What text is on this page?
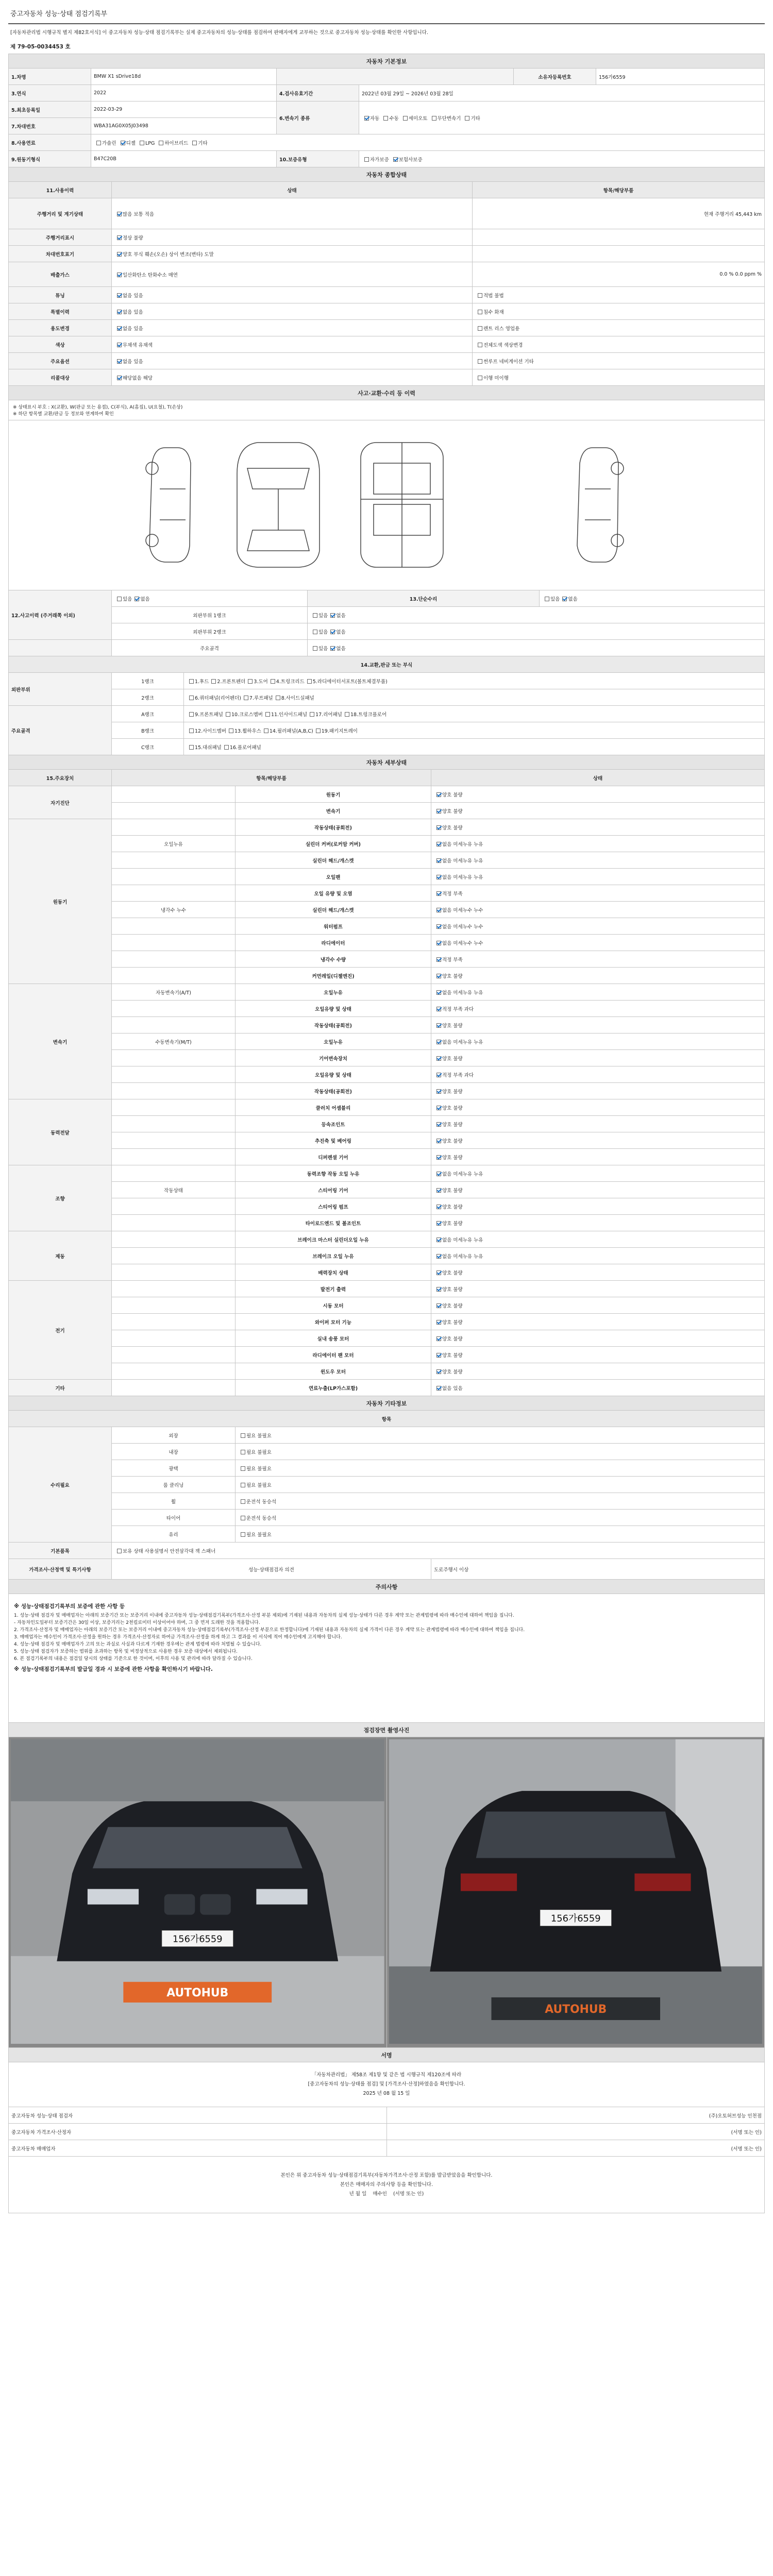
중고자동차 성능·상태 점검기록부
[자동차관리법 시행규칙 별지 제82호서식] 이 중고자동차 성능·상태 점검기록부는 실제 중고자동차의 성능·상태를 점검하여 판매자에게 교부하는 것으로 중고자동차 성능·상태를 확인한 사항입니다.
제 79-05-0034453 호
자동차 기본정보					
1.차명	BMW X1 sDrive18d			소유자등록번호	156가6559
3.연식	2022	4.검사유효기간	2022년 03월 29일 ~ 2026년 03월 28일		
5.최초등록일	2022-03-29	6.변속기 종류	자동 수동 세미오토 무단변속기 기타		
7.차대번호	WBA31AG0X05J03498				
8.사용연료	가솔린 디젤 LPG 하이브리드 기타				
9.원동기형식	B47C20B	10.보증유형	자가보증 보험사보증		
자동차 종합상태		
11.사용이력	상태	항목/해당부품
주행거리 및 계기상태	많음 보통 적음	현재 주행거리 45,443 km
주행거리표시	정상 불량	
차대번호표기	양호 부식 훼손(오손) 상이 변조(변타) 도말	
배출가스	일산화탄소 탄화수소 매연	0.0 % 0.0 ppm %
튜닝	없음 있음	적법 불법
특별이력	없음 있음	침수 화재
용도변경	없음 있음	렌트 리스 영업용
색상	무채색 유채색	전체도색 색상변경
주요옵션	없음 있음	썬루프 네비게이션 기타
리콜대상	해당없음 해당	이행 미이행
사고·교환·수리 등 이력				

※ 상태표시 부호 : X(교환), W(판금 또는 용접), C(부식), A(흠집), U(요철), T(손상)
※ 하단 항목별 교환/판금 등 정보와 연계하여 확인				

12.사고이력 (주거래쪽 이외)	있음 없음		13.단순수리	있음 없음
	외판부위 1랭크		있음 없음	
	외판부위 2랭크		있음 없음	
	주요골격		있음 없음	
14.교환,판금 또는 부식				
외판부위	1랭크	1.후드 2.프론트펜더 3.도어 4.트렁크리드 5.라디에이터서포트(볼트체결부품)		
	2랭크	6.쿼터패널(리어펜더) 7.루프패널 8.사이드실패널		
주요골격	A랭크	9.프론트패널 10.크로스멤버 11.인사이드패널 17.리어패널 18.트렁크플로어		
	B랭크	12.사이드멤버 13.휠하우스 14.필러패널(A,B,C) 19.패키지트레이		
	C랭크	15.대쉬패널 16.플로어패널		
자동차 세부상태			
15.주요장치	항목/해당부품		상태
자기진단		원동기	양호 불량
		변속기	양호 불량
원동기		작동상태(공회전)	양호 불량
	오일누유	실린더 커버(로커암 커버)	없음 미세누유 누유
		실린더 헤드/개스켓	없음 미세누유 누유
		오일팬	없음 미세누유 누유
		오일 유량 및 오염	적정 부족
	냉각수 누수	실린더 헤드/개스켓	없음 미세누수 누수
		워터펌프	없음 미세누수 누수
		라디에이터	없음 미세누수 누수
		냉각수 수량	적정 부족
		커먼레일(디젤엔진)	양호 불량
변속기	자동변속기(A/T)	오일누유	없음 미세누유 누유
		오일유량 및 상태	적정 부족 과다
		작동상태(공회전)	양호 불량
	수동변속기(M/T)	오일누유	없음 미세누유 누유
		기어변속장치	양호 불량
		오일유량 및 상태	적정 부족 과다
		작동상태(공회전)	양호 불량
동력전달		클러치 어셈블리	양호 불량
		등속조인트	양호 불량
		추진축 및 베어링	양호 불량
		디퍼렌셜 기어	양호 불량
조향		동력조향 작동 오일 누유	없음 미세누유 누유
	작동상태	스티어링 기어	양호 불량
		스티어링 펌프	양호 불량
		타이로드엔드 및 볼조인트	양호 불량
제동		브레이크 마스터 실린더오일 누유	없음 미세누유 누유
		브레이크 오일 누유	없음 미세누유 누유
		배력장치 상태	양호 불량
전기		발전기 출력	양호 불량
		시동 모터	양호 불량
		와이퍼 모터 기능	양호 불량
		실내 송풍 모터	양호 불량
		라디에이터 팬 모터	양호 불량
		윈도우 모터	양호 불량
기타		연료누출(LP가스포함)	없음 있음
자동차 기타정보			
항목			
수리필요	외장	필요 불필요	
	내장	필요 불필요	
	광택	필요 불필요	
	룸 클리닝	필요 불필요	
	휠	운전석 동승석	
	타이어	운전석 동승석	
	유리	필요 불필요	
기본품목	보유 상태 사용설명서 안전삼각대 잭 스패너		
가격조사·산정액 및 특기사항	성능·상태점검자 의견		도로주행시 이상
주의사항

※ 성능·상태점검기록부의 보증에 관한 사항 등
1. 성능·상태 점검자 및 매매업자는 아래의 보증기간 또는 보증거리 이내에 중고자동차 성능·상태점검기록부(가격조사·산정 부분 제외)에 기재된 내용과 자동차의 실제 성능·상태가 다른 경우 계약 또는 관계법령에 따라 매수인에 대하여 책임을 집니다.
- 자동차인도일부터 보증기간은 30일 이상, 보증거리는 2천킬로미터 이상이어야 하며, 그 중 먼저 도래한 것을 적용합니다.
2. 가격조사·산정자 및 매매업자는 아래의 보증기간 또는 보증거리 이내에 중고자동차 성능·상태점검기록부(가격조사·산정 부분으로 한정합니다)에 기재된 내용과 자동차의 실제 가격이 다른 경우 계약 또는 관계법령에 따라 매수인에 대하여 책임을 집니다.
3. 매매업자는 매수인이 가격조사·산정을 원하는 경우 가격조사·산정자로 하여금 가격조사·산정을 하게 하고 그 결과를 이 서식에 적어 매수인에게 고지해야 합니다.
4. 성능·상태 점검자 및 매매업자가 고의 또는 과실로 사실과 다르게 기재한 경우에는 관계 법령에 따라 처벌될 수 있습니다.
5. 성능·상태 점검자가 보증하는 범위를 초과하는 항목 및 비정상적으로 사용한 경우 보증 대상에서 제외됩니다.
6. 본 점검기록부의 내용은 점검일 당시의 상태를 기준으로 한 것이며, 이후의 사용 및 관리에 따라 달라질 수 있습니다.
※ 성능·상태점검기록부의 발급일 경과 시 보증에 관한 사항을 확인하시기 바랍니다.
점검장면 촬영사진

156가6559
AUTOHUB

156가6559
AUTOHUB
서명	

「자동차관리법」 제58조 제1항 및 같은 법 시행규칙 제120조에 따라
[중고자동차의 성능·상태를 점검] 및 [가격조사·산정]하였음을 확인합니다.
2025 년 08 월 15 일	

중고자동차 성능·상태 점검자	(주)오토허브성능 인천점
중고자동차 가격조사·산정자	(서명 또는 인)
중고자동차 매매업자	(서명 또는 인)

본인은 위 중고자동차 성능·상태점검기록부(자동차가격조사·산정 포함)를 발급받았음을 확인합니다.
본인은 매매자의 주의사항 등을 확인합니다.
년 월 일 매수인 (서명 또는 인)	
